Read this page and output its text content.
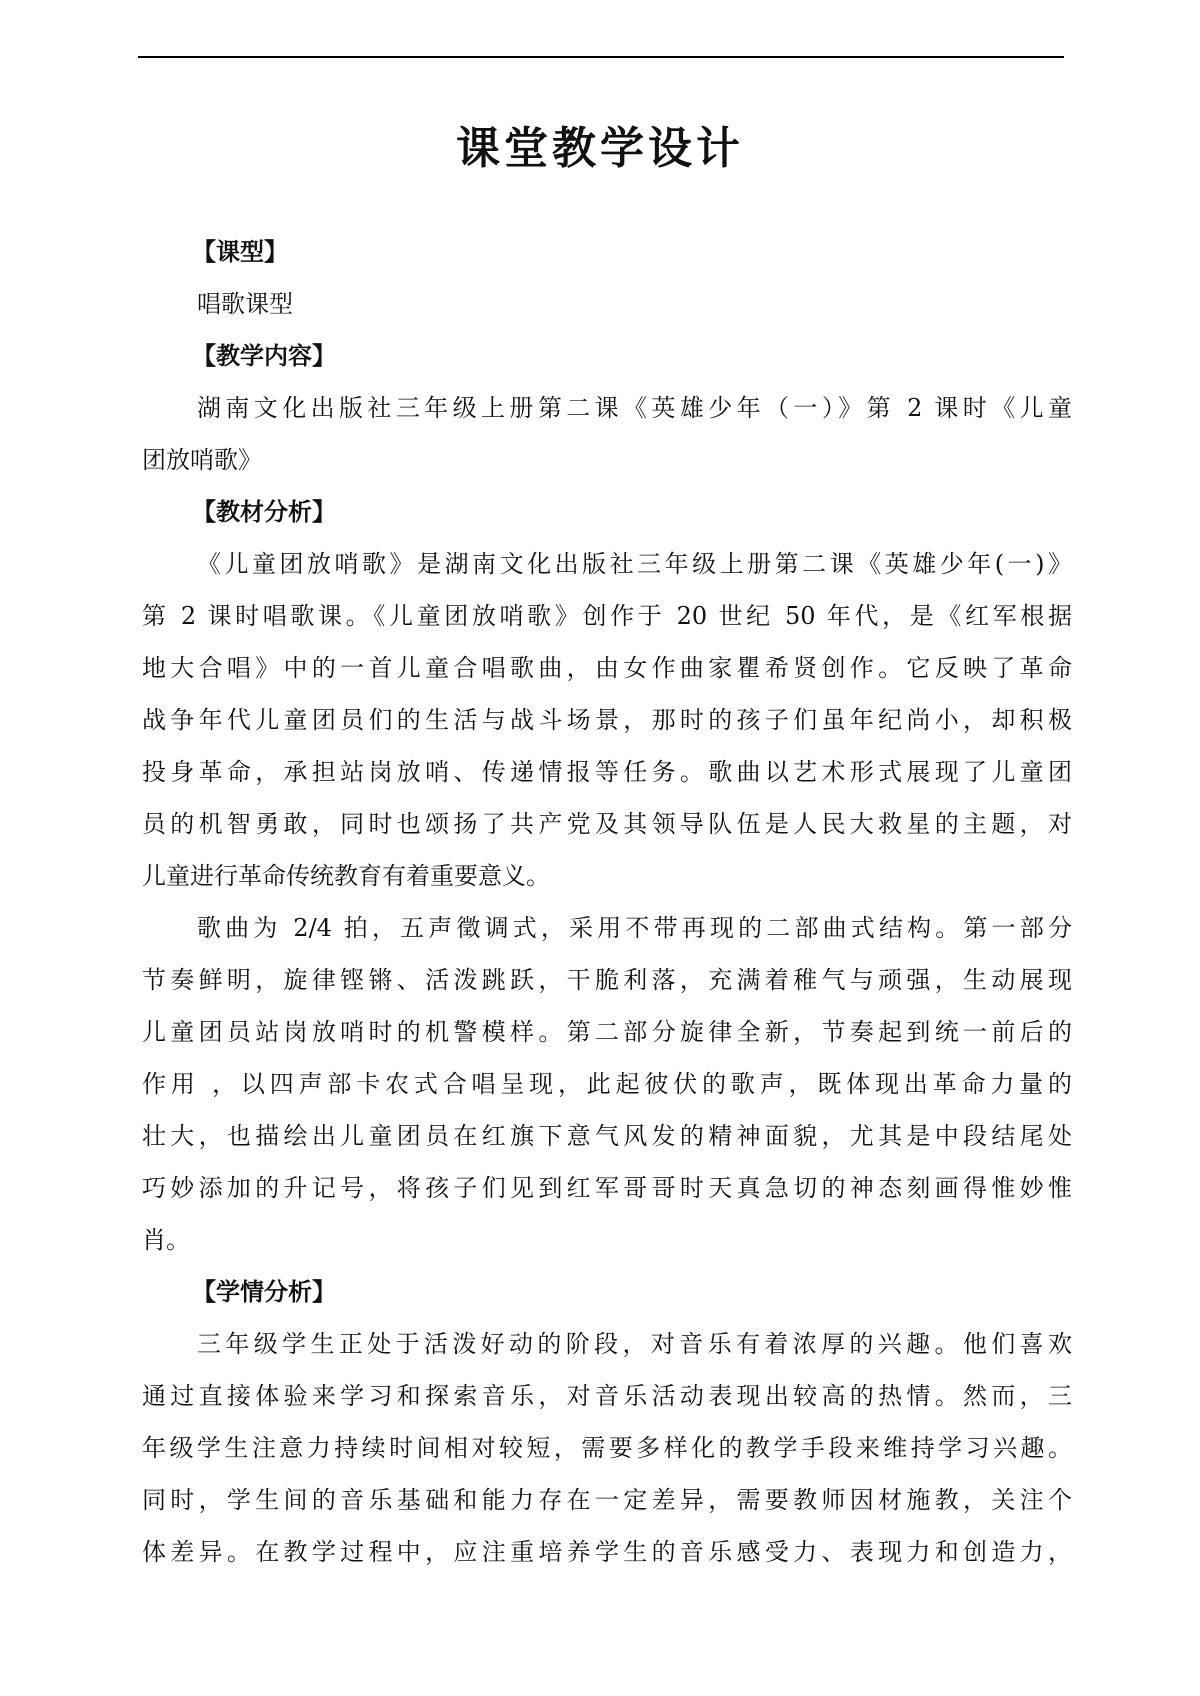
课堂教学设计
【课型】
唱歌课型
【教学内容】
湖南文化出版社三年级上册第二课《英雄少年（一）》第 2 课时《儿童
团放哨歌》
【教材分析】
《儿童团放哨歌》是湖南文化出版社三年级上册第二课《英雄少年(一)》
第 2 课时唱歌课。《儿童团放哨歌》创作于 20 世纪 50 年代，是《红军根据
地大合唱》中的一首儿童合唱歌曲，由女作曲家瞿希贤创作。它反映了革命
战争年代儿童团员们的生活与战斗场景，那时的孩子们虽年纪尚小，却积极
投身革命，承担站岗放哨、传递情报等任务。歌曲以艺术形式展现了儿童团
员的机智勇敢，同时也颂扬了共产党及其领导队伍是人民大救星的主题，对
儿童进行革命传统教育有着重要意义。
歌曲为 2/4 拍，五声徵调式，采用不带再现的二部曲式结构。第一部分
节奏鲜明，旋律铿锵、活泼跳跃，干脆利落，充满着稚气与顽强，生动展现
儿童团员站岗放哨时的机警模样。第二部分旋律全新，节奏起到统一前后的
作用 ，以四声部卡农式合唱呈现，此起彼伏的歌声，既体现出革命力量的
壮大，也描绘出儿童团员在红旗下意气风发的精神面貌，尤其是中段结尾处
巧妙添加的升记号，将孩子们见到红军哥哥时天真急切的神态刻画得惟妙惟
肖。
【学情分析】
三年级学生正处于活泼好动的阶段，对音乐有着浓厚的兴趣。他们喜欢
通过直接体验来学习和探索音乐，对音乐活动表现出较高的热情。然而，三
年级学生注意力持续时间相对较短，需要多样化的教学手段来维持学习兴趣。
同时，学生间的音乐基础和能力存在一定差异，需要教师因材施教，关注个
体差异。在教学过程中，应注重培养学生的音乐感受力、表现力和创造力，
